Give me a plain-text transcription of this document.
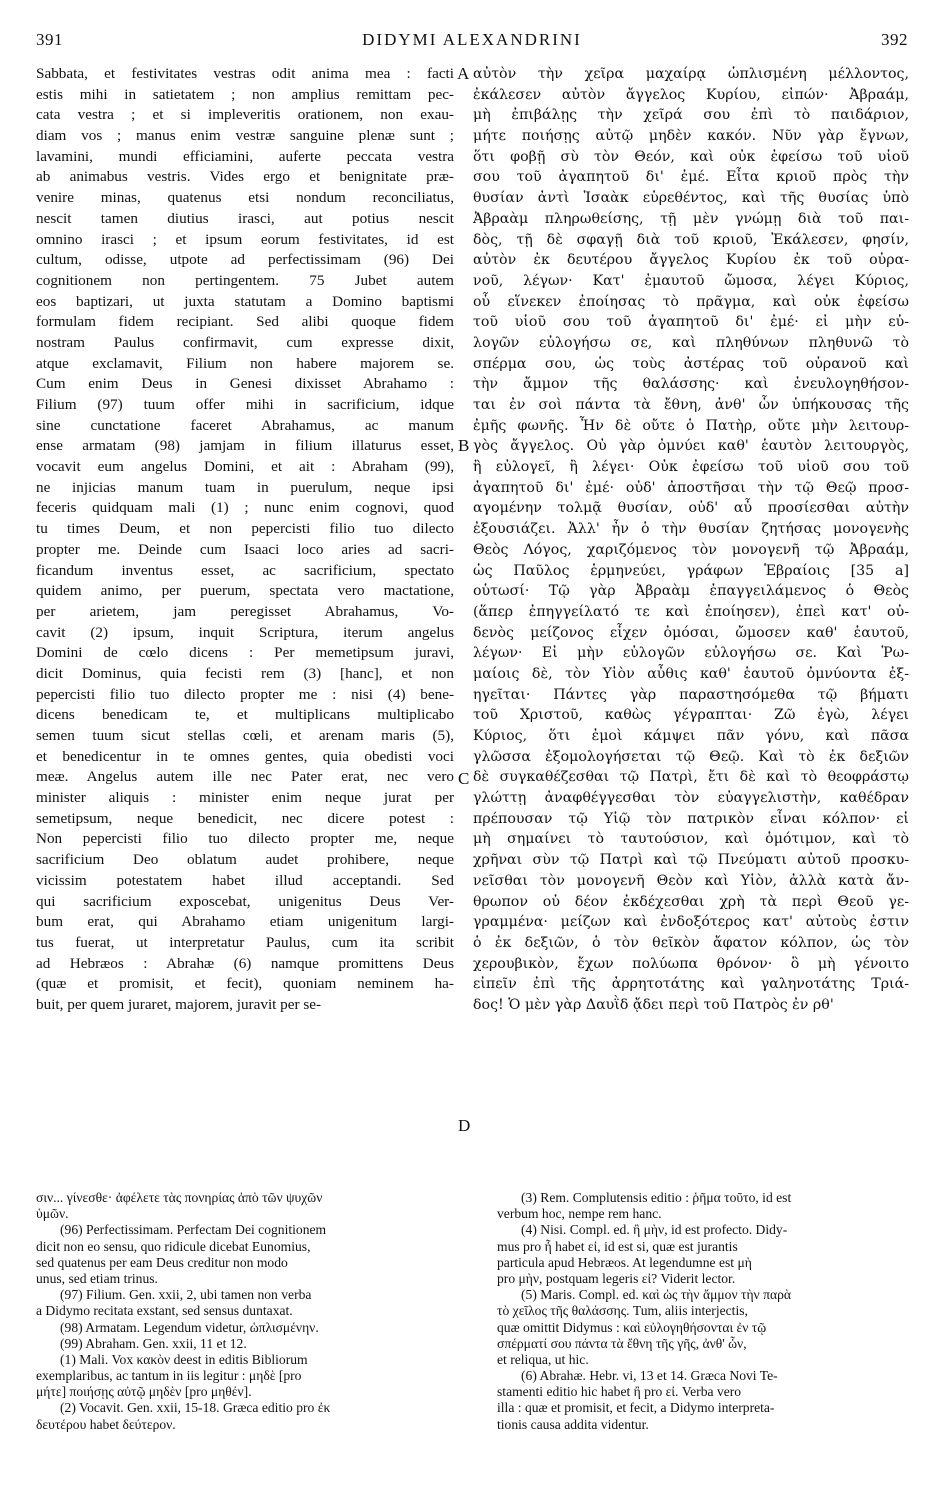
DIDYMI ALEXANDRINI
391	392
A
B
C
D
Sabbata, et festivitates vestras odit anima mea : facti
estis mihi in satietatem ; non amplius remittam pec-
cata vestra ; et si impleveritis orationem, non exau-
diam vos ; manus enim vestræ sanguine plenæ sunt ;
lavamini, mundi efficiamini, auferte peccata vestra
ab animabus vestris. Vides ergo et benignitate præ-
venire minas, quatenus etsi nondum reconciliatus,
nescit tamen diutius irasci, aut potius nescit
omnino irasci ; et ipsum eorum festivitates, id est
cultum, odisse, utpote ad perfectissimam (96) Dei
cognitionem non pertingentem. 75 Jubet autem
eos baptizari, ut juxta statutam a Domino baptismi
formulam fidem recipiant. Sed alibi quoque fidem
nostram Paulus confirmavit, cum expresse dixit,
atque exclamavit, Filium non habere majorem se.
Cum enim Deus in Genesi dixisset Abrahamo :
Filium (97) tuum offer mihi in sacrificium, idque
sine cunctatione faceret Abrahamus, ac manum
ense armatam (98) jamjam in filium illaturus esset,
vocavit eum angelus Domini, et ait : Abraham (99),
ne injicias manum tuam in puerulum, neque ipsi
feceris quidquam mali (1) ; nunc enim cognovi, quod
tu times Deum, et non pepercisti filio tuo dilecto
propter me. Deinde cum Isaaci loco aries ad sacri-
ficandum inventus esset, ac sacrificium, spectato
quidem animo, per puerum, spectata vero mactatione,
per arietem, jam peregisset Abrahamus, Vo-
cavit (2) ipsum, inquit Scriptura, iterum angelus
Domini de cœlo dicens : Per memetipsum juravi,
dicit Dominus, quia fecisti rem (3) [hanc], et non
pepercisti filio tuo dilecto propter me : nisi (4) bene-
dicens benedicam te, et multiplicans multiplicabo
semen tuum sicut stellas cœli, et arenam maris (5),
et benedicentur in te omnes gentes, quia obedisti voci
meæ. Angelus autem ille nec Pater erat, nec vero
minister aliquis : minister enim neque jurat per
semetipsum, neque benedicit, nec dicere potest :
Non pepercisti filio tuo dilecto propter me, neque
sacrificium Deo oblatum audet prohibere, neque
vicissim potestatem habet illud acceptandi. Sed
qui sacrificium exposcebat, unigenitus Deus Ver-
bum erat, qui Abrahamo etiam unigenitum largi-
tus fuerat, ut interpretatur Paulus, cum ita scribit
ad Hebræos : Abrahæ (6) namque promittens Deus
(quæ et promisit, et fecit), quoniam neminem ha-
buit, per quem juraret, majorem, juravit per se-
αὐτὸν τὴν χεῖρα μαχαίρᾳ ὡπλισμένη μέλλοντος,
ἐκάλεσεν αὐτὸν ἄγγελος Κυρίου, εἰπών· Ἀβραάμ,
μὴ ἐπιβάλῃς τὴν χεῖρά σου ἐπὶ τὸ παιδάριον,
μήτε ποιήσῃς αὐτῷ μηδὲν κακόν. Νῦν γὰρ ἔγνων,
ὅτι φοβῇ σὺ τὸν Θεόν, καὶ οὐκ ἐφείσω τοῦ υἱοῦ
σου τοῦ ἀγαπητοῦ δι' ἐμέ. Εἶτα κριοῦ πρὸς τὴν
θυσίαν ἀντὶ Ἰσαὰκ εὑρεθέντος, καὶ τῆς θυσίας ὑπὸ
Ἀβραὰμ πληρωθείσης, τῇ μὲν γνώμῃ διὰ τοῦ παι-
δὸς, τῇ δὲ σφαγῇ διὰ τοῦ κριοῦ, Ἐκάλεσεν, φησίν,
αὐτὸν ἐκ δευτέρου ἄγγελος Κυρίου ἐκ τοῦ οὐρα-
νοῦ, λέγων· Κατ' ἐμαυτοῦ ὤμοσα, λέγει Κύριος,
οὗ εἵνεκεν ἐποίησας τὸ πρᾶγμα, καὶ οὐκ ἐφείσω
τοῦ υἱοῦ σου τοῦ ἀγαπητοῦ δι' ἐμέ· εἰ μὴν εὐ-
λογῶν εὐλογήσω σε, καὶ πληθύνων πληθυνῶ τὸ
σπέρμα σου, ὡς τοὺς ἀστέρας τοῦ οὐρανοῦ καὶ
τὴν ἄμμον τῆς θαλάσσης· καὶ ἐνευλογηθήσον-
ται ἐν σοὶ πάντα τὰ ἔθνη, ἀνθ' ὧν ὑπήκουσας τῆς
ἐμῆς φωνῆς. Ἦν δὲ οὔτε ὁ Πατὴρ, οὔτε μὴν λειτουρ-
γὸς ἄγγελος. Οὐ γὰρ ὀμνύει καθ' ἑαυτὸν λειτουργὸς,
ἢ εὐλογεῖ, ἢ λέγει· Οὐκ ἐφείσω τοῦ υἱοῦ σου τοῦ
ἀγαπητοῦ δι' ἐμέ· οὐδ' ἀποστῆσαι τὴν τῷ Θεῷ προσ-
αγομένην τολμᾷ θυσίαν, οὐδ' αὖ προσίεσθαι αὐτὴν
ἐξουσιάζει. Ἀλλ' ἦν ὁ τὴν θυσίαν ζητήσας μονογενὴς
Θεὸς Λόγος, χαριζόμενος τὸν μονογενῆ τῷ Ἀβραάμ,
ὡς Παῦλος ἑρμηνεύει, γράφων Ἑβραίοις [35 a]
οὑτωσί· Τῷ γὰρ Ἀβραὰμ ἐπαγγειλάμενος ὁ Θεὸς
(ἅπερ ἐπηγγείλατό τε καὶ ἐποίησεν), ἐπεὶ κατ' οὐ-
δενὸς μείζονος εἶχεν ὀμόσαι, ὤμοσεν καθ' ἑαυτοῦ,
λέγων· Εἰ μὴν εὐλογῶν εὐλογήσω σε. Καὶ Ῥω-
μαίοις δὲ, τὸν Υἱὸν αὖθις καθ' ἑαυτοῦ ὀμνύοντα ἐξ-
ηγεῖται· Πάντες γὰρ παραστησόμεθα τῷ βήματι
τοῦ Χριστοῦ, καθὼς γέγραπται· Ζῶ ἐγὼ, λέγει
Κύριος, ὅτι ἐμοὶ κάμψει πᾶν γόνυ, καὶ πᾶσα
γλῶσσα ἐξομολογήσεται τῷ Θεῷ. Καὶ τὸ ἐκ δεξιῶν
δὲ συγκαθέζεσθαι τῷ Πατρὶ, ἔτι δὲ καὶ τὸ θεοφράστῳ
γλώττῃ ἀναφθέγγεσθαι τὸν εὐαγγελιστὴν, καθέδραν
πρέπουσαν τῷ Υἱῷ τὸν πατρικὸν εἶναι κόλπον· εἰ
μὴ σημαίνει τὸ ταυτούσιον, καὶ ὁμότιμον, καὶ τὸ
χρῆναι σὺν τῷ Πατρὶ καὶ τῷ Πνεύματι αὐτοῦ προσκυ-
νεῖσθαι τὸν μονογενῆ Θεὸν καὶ Υἱὸν, ἀλλὰ κατὰ ἄν-
θρωπον οὐ δέον ἐκδέχεσθαι χρὴ τὰ περὶ Θεοῦ γε-
γραμμένα· μείζων καὶ ἐνδοξότερος κατ' αὐτοὺς ἐστιν
ὁ ἐκ δεξιῶν, ὁ τὸν θεῖκὸν ἄφατον κόλπον, ὡς τὸν
χερουβικὸν, ἔχων πολύωπα θρόνον· ὃ μὴ γένοιτο
εἰπεῖν ἐπὶ τῆς ἀρρητοτάτης καὶ γαληνοτάτης Τριά-
δος! Ὁ μὲν γὰρ Δαυῒδ ᾄδει περὶ τοῦ Πατρὸς ἐν ρθ'
σιν... γίνεσθε· ἀφέλετε τὰς πονηρίας ἀπὸ τῶν ψυχῶν
ὑμῶν.
(96) Perfectissimam. Perfectam Dei cognitionem
dicit non eo sensu, quo ridicule dicebat Eunomius,
sed quatenus per eam Deus creditur non modo
unus, sed etiam trinus.
(97) Filium. Gen. xxii, 2, ubi tamen non verba
a Didymo recitata exstant, sed sensus duntaxat.
(98) Armatam. Legendum videtur, ὡπλισμένην.
(99) Abraham. Gen. xxii, 11 et 12.
(1) Mali. Vox κακὸν deest in editis Bibliorum
exemplaribus, ac tantum in iis legitur : μηδὲ [pro
μήτε] ποιήσῃς αὐτῷ μηδὲν [pro μηθέν].
(2) Vocavit. Gen. xxii, 15-18. Græca editio pro ἐκ
δευτέρου habet δεύτερον.
(3) Rem. Complutensis editio : ῥῆμα τοῦτο, id est
verbum hoc, nempe rem hanc.
(4) Nisi. Compl. ed. ἢ μὴν, id est profecto. Didy-
mus pro ἦ habet εἰ, id est si, quæ est jurantis
particula apud Hebræos. At legendumne est μὴ
pro μὴν, postquam legeris εἰ? Viderit lector.
(5) Maris. Compl. ed. καὶ ὡς τὴν ἄμμον τὴν παρὰ
τὸ χεῖλος τῆς θαλάσσης. Tum, aliis interjectis,
quæ omittit Didymus : καὶ εὐλογηθήσονται ἐν τῷ
σπέρματί σου πάντα τὰ ἔθνη τῆς γῆς, ἀνθ' ὧν,
et reliqua, ut hic.
(6) Abrahæ. Hebr. vi, 13 et 14. Græca Novi Te-
stamenti editio hic habet ἢ pro εἰ. Verba vero
illa : quæ et promisit, et fecit, a Didymo interpreta-
tionis causa addita videntur.
